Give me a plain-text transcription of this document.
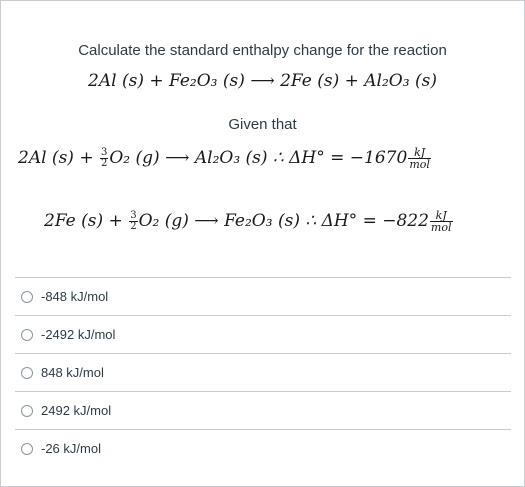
Calculate the standard enthalpy change for the reaction
2Al (s) + Fe₂O₃ (s) ⟶ 2Fe (s) + Al₂O₃ (s)
Given that
2Al $(s) + \frac{3}{2} O_2$ (g) ⟶ Al₂O₃ (s) ∴ $\Delta H^\circ = -1670 \frac{kJ}{\text{mol}}$
2Fe $(s) + \frac{3}{2} O_2$ (g) ⟶ Fe₂O₃ (s) ∴ $\Delta H^\circ = -822 \frac{kJ}{\text{mol}}$
-848 kJ/mol
-2492 kJ/mol
848 kJ/mol
2492 kJ/mol
-26 kJ/mol
